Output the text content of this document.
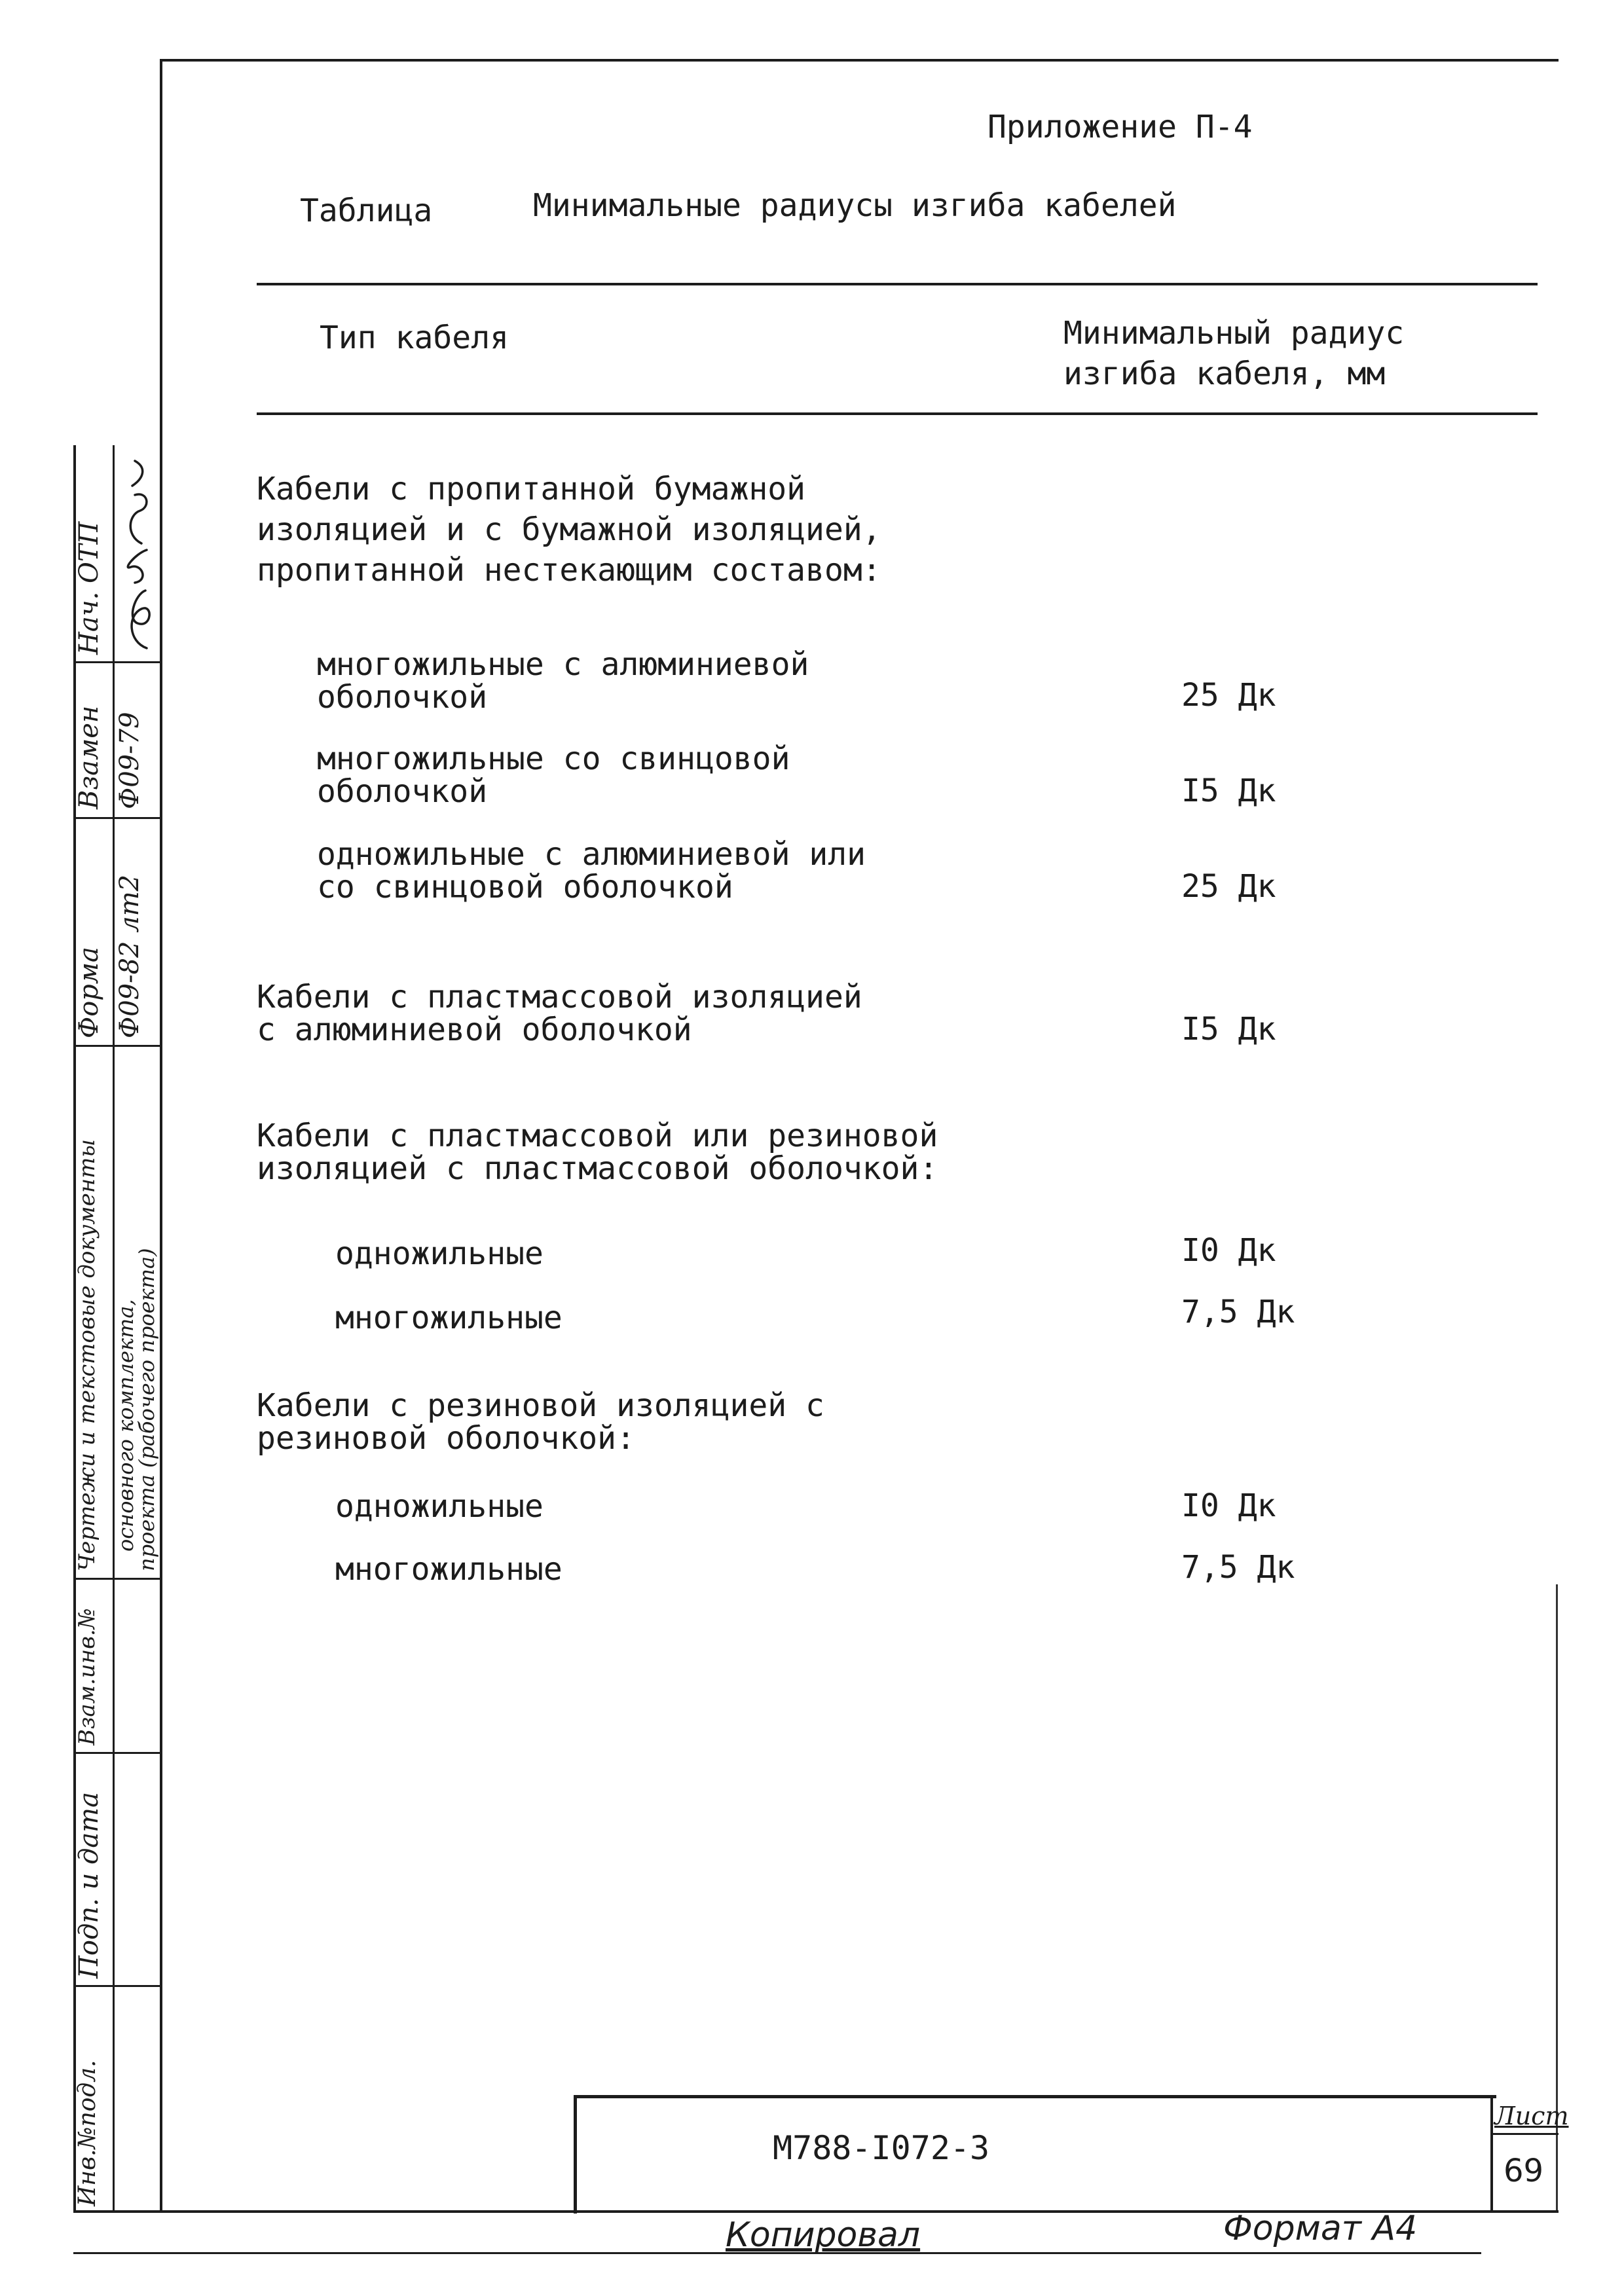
Нач. ОТП
Взамен Ф09-79
Форма Ф09-82 лт2
Чертежи и текстовые документы основного комплекта,
проекта (рабочего проекта)
Взам.инв.№
Подп. и дата
Инв.№подл.
Приложение П-4
Таблица	Минимальные радиусы изгиба кабелей
Тип кабеля	Минимальный радиус
изгиба кабеля, мм
Кабели с пропитанной бумажной
изоляцией и с бумажной изоляцией,
пропитанной нестекающим составом:
многожильные с алюминиевой
оболочкой	25 Дк
многожильные со свинцовой
оболочкой	I5 Дк
одножильные с алюминиевой или
со свинцовой оболочкой	25 Дк
Кабели с пластмассовой изоляцией
с алюминиевой оболочкой	I5 Дк
Кабели с пластмассовой или резиновой
изоляцией с пластмассовой оболочкой:
одножильные	I0 Дк
многожильные	7,5 Дк
Кабели с резиновой изоляцией с
резиновой оболочкой:
одножильные	I0 Дк
многожильные	7,5 Дк
М788-I072-3
Лист
69
Копировал	Формат А4
